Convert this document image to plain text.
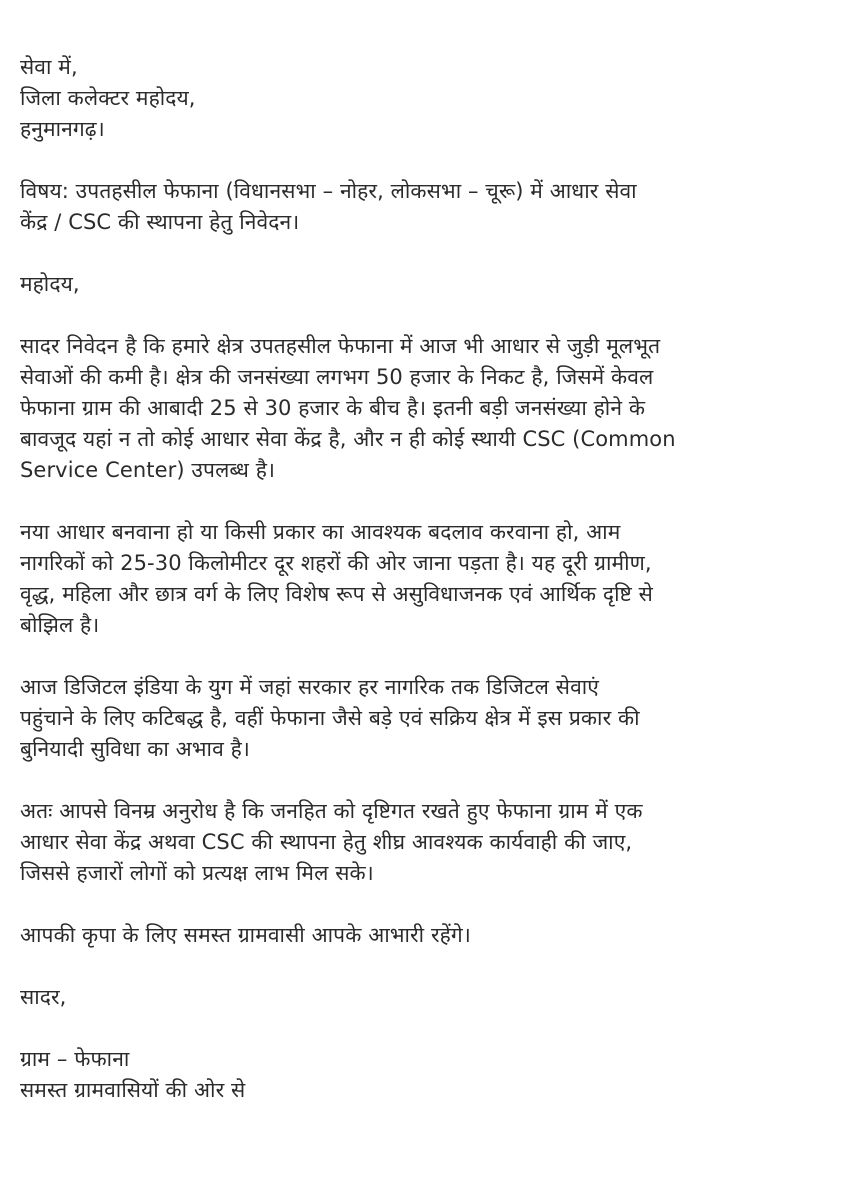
सेवा में,
जिला कलेक्टर महोदय,
हनुमानगढ़।
विषय: उपतहसील फेफाना (विधानसभा – नोहर, लोकसभा – चूरू) में आधार सेवा
केंद्र / CSC की स्थापना हेतु निवेदन।
महोदय,
सादर निवेदन है कि हमारे क्षेत्र उपतहसील फेफाना में आज भी आधार से जुड़ी मूलभूत
सेवाओं की कमी है। क्षेत्र की जनसंख्या लगभग 50 हजार के निकट है, जिसमें केवल
फेफाना ग्राम की आबादी 25 से 30 हजार के बीच है। इतनी बड़ी जनसंख्या होने के
बावजूद यहां न तो कोई आधार सेवा केंद्र है, और न ही कोई स्थायी CSC (Common
Service Center) उपलब्ध है।
नया आधार बनवाना हो या किसी प्रकार का आवश्यक बदलाव करवाना हो, आम
नागरिकों को 25-30 किलोमीटर दूर शहरों की ओर जाना पड़ता है। यह दूरी ग्रामीण,
वृद्ध, महिला और छात्र वर्ग के लिए विशेष रूप से असुविधाजनक एवं आर्थिक दृष्टि से
बोझिल है।
आज डिजिटल इंडिया के युग में जहां सरकार हर नागरिक तक डिजिटल सेवाएं
पहुंचाने के लिए कटिबद्ध है, वहीं फेफाना जैसे बड़े एवं सक्रिय क्षेत्र में इस प्रकार की
बुनियादी सुविधा का अभाव है।
अतः आपसे विनम्र अनुरोध है कि जनहित को दृष्टिगत रखते हुए फेफाना ग्राम में एक
आधार सेवा केंद्र अथवा CSC की स्थापना हेतु शीघ्र आवश्यक कार्यवाही की जाए,
जिससे हजारों लोगों को प्रत्यक्ष लाभ मिल सके।
आपकी कृपा के लिए समस्त ग्रामवासी आपके आभारी रहेंगे।
सादर,
ग्राम – फेफाना
समस्त ग्रामवासियों की ओर से
